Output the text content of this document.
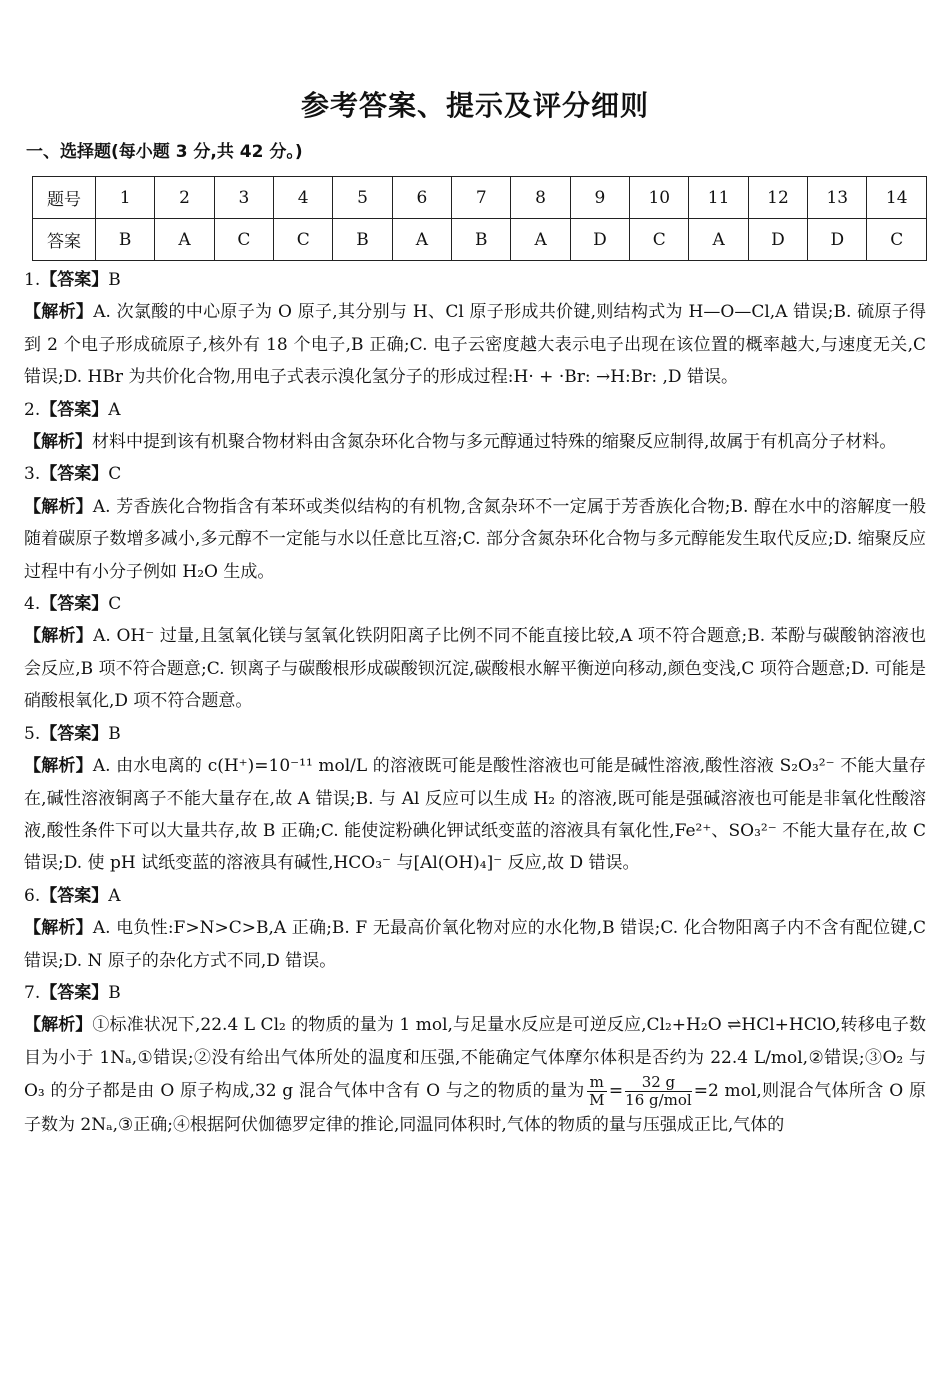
参考答案、提示及评分细则
一、选择题(每小题 3 分,共 42 分。)
题号	1	2	3	4	5	6	7	8	9	10	11	12	13	14
答案	B	A	C	C	B	A	B	A	D	C	A	D	D	C

1.【答案】B

【解析】A. 次氯酸的中心原子为 O 原子,其分别与 H、Cl 原子形成共价键,则结构式为 H—O—Cl,A 错误;B. 硫原子得到 2 个电子形成硫原子,核外有 18 个电子,B 正确;C. 电子云密度越大表示电子出现在该位置的概率越大,与速度无关,C 错误;D. HBr 为共价化合物,用电子式表示溴化氢分子的形成过程:H· + ·Br: →H:Br: ,D 错误。

2.【答案】A

【解析】材料中提到该有机聚合物材料由含氮杂环化合物与多元醇通过特殊的缩聚反应制得,故属于有机高分子材料。

3.【答案】C

【解析】A. 芳香族化合物指含有苯环或类似结构的有机物,含氮杂环不一定属于芳香族化合物;B. 醇在水中的溶解度一般随着碳原子数增多减小,多元醇不一定能与水以任意比互溶;C. 部分含氮杂环化合物与多元醇能发生取代反应;D. 缩聚反应过程中有小分子例如 H₂O 生成。

4.【答案】C

【解析】A. OH⁻ 过量,且氢氧化镁与氢氧化铁阴阳离子比例不同不能直接比较,A 项不符合题意;B. 苯酚与碳酸钠溶液也会反应,B 项不符合题意;C. 钡离子与碳酸根形成碳酸钡沉淀,碳酸根水解平衡逆向移动,颜色变浅,C 项符合题意;D. 可能是硝酸根氧化,D 项不符合题意。

5.【答案】B

【解析】A. 由水电离的 c(H⁺)=10⁻¹¹ mol/L 的溶液既可能是酸性溶液也可能是碱性溶液,酸性溶液 S₂O₃²⁻ 不能大量存在,碱性溶液铜离子不能大量存在,故 A 错误;B. 与 Al 反应可以生成 H₂ 的溶液,既可能是强碱溶液也可能是非氧化性酸溶液,酸性条件下可以大量共存,故 B 正确;C. 能使淀粉碘化钾试纸变蓝的溶液具有氧化性,Fe²⁺、SO₃²⁻ 不能大量存在,故 C 错误;D. 使 pH 试纸变蓝的溶液具有碱性,HCO₃⁻ 与[Al(OH)₄]⁻ 反应,故 D 错误。

6.【答案】A

【解析】A. 电负性:F>N>C>B,A 正确;B. F 无最高价氧化物对应的水化物,B 错误;C. 化合物阳离子内不含有配位键,C 错误;D. N 原子的杂化方式不同,D 错误。

7.【答案】B

【解析】①标准状况下,22.4 L Cl₂ 的物质的量为 1 mol,与足量水反应是可逆反应,Cl₂+H₂O ⇌HCl+HClO,转移电子数目为小于 1Nₐ,①错误;②没有给出气体所处的温度和压强,不能确定气体摩尔体积是否约为 22.4 L/mol,②错误;③O₂ 与 O₃ 的分子都是由 O 原子构成,32 g 混合气体中含有 O 与之的物质的量为 $\frac{m}{M} = \frac{32 g}{\text{16 g/mol}} =2$ mol,则混合气体所含 O 原子数为 2Nₐ,③正确;④根据阿伏伽德罗定律的推论,同温同体积时,气体的物质的量与压强成正比,气体的
